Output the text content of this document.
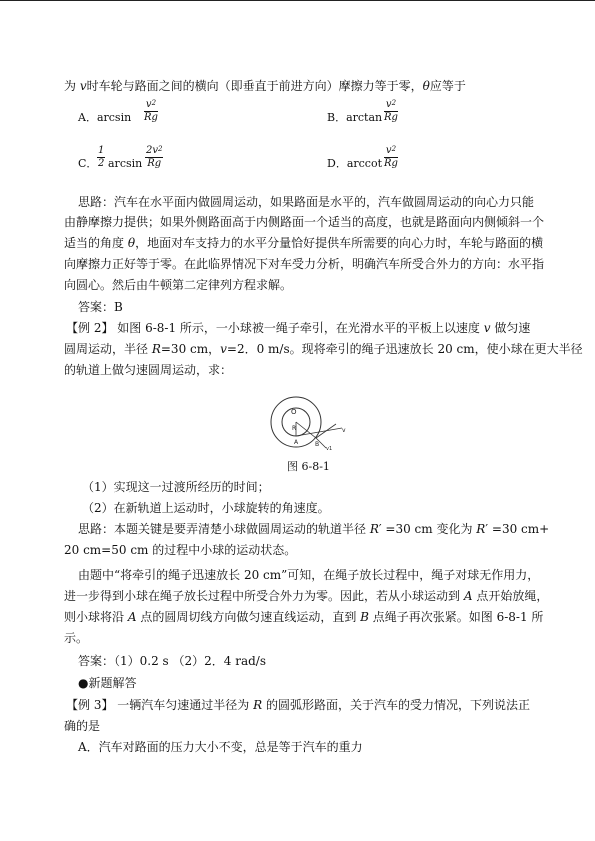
为 v时车轮与路面之间的横向（即垂直于前进方向）摩擦力等于零，θ应等于
A．$\arcsin \frac{v^2}{Rg}$	B．$\arctan \frac{v^2}{Rg}$
C． $\frac{1}{2}$ $\arcsin \frac{2v^2}{Rg}$	D．arccot $\frac{v^2}{Rg}$
思路：汽车在水平面内做圆周运动，如果路面是水平的，汽车做圆周运动的向心力只能
由静摩擦力提供；如果外侧路面高于内侧路面一个适当的高度，也就是路面向内侧倾斜一个
适当的角度 θ，地面对车支持力的水平分量恰好提供车所需要的向心力时，车轮与路面的横
向摩擦力正好等于零。在此临界情况下对车受力分析，明确汽车所受合外力的方向：水平指
向圆心。然后由牛顿第二定律列方程求解。
答案：B
【例 2】 如图 6-8-1 所示，一小球被一绳子牵引，在光滑水平的平板上以速度 v 做匀速
圆周运动，半径 R=30 cm，v=2．0 m/s。现将牵引的绳子迅速放长 20 cm，使小球在更大半径
的轨道上做匀速圆周运动，求：
O
R
A	B
v
v1
图 6-8-1
（1）实现这一过渡所经历的时间；
（2）在新轨道上运动时，小球旋转的角速度。
思路：本题关键是要弄清楚小球做圆周运动的轨道半径 R′ =30 cm 变化为 R′ =30 cm+
20 cm=50 cm 的过程中小球的运动状态。
由题中“将牵引的绳子迅速放长 20 cm”可知，在绳子放长过程中，绳子对球无作用力，
进一步得到小球在绳子放长过程中所受合外力为零。因此，若从小球运动到 A 点开始放绳，
则小球将沿 A 点的圆周切线方向做匀速直线运动，直到 B 点绳子再次张紧。如图 6-8-1 所
示。
答案：（1）0.2 s （2）2．4 rad/s
●新题解答
【例 3】 一辆汽车匀速通过半径为 R 的圆弧形路面，关于汽车的受力情况，下列说法正
确的是
A．汽车对路面的压力大小不变，总是等于汽车的重力
